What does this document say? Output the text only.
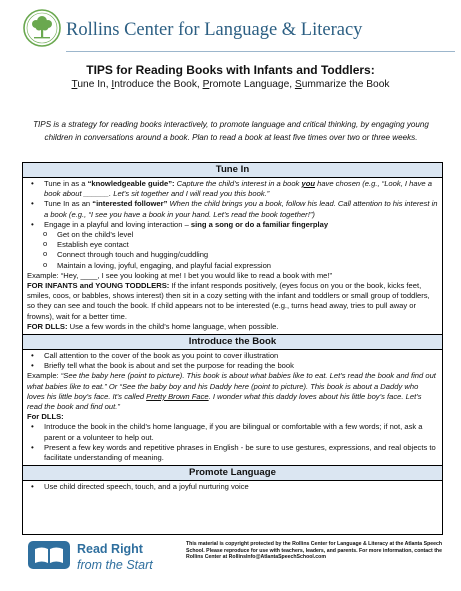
Rollins Center for Language & Literacy
TIPS for Reading Books with Infants and Toddlers:
Tune In, Introduce the Book, Promote Language, Summarize the Book
TIPS is a strategy for reading books interactively, to promote language and critical thinking, by engaging young children in conversations around a book. Plan to read a book at least five times over two or three weeks.
Tune In
• Tune in as a “knowledgeable guide”: Capture the child’s interest in a book you have chosen (e.g., “Look, I have a book about ______. Let’s sit together and I will read you this book.”
• Tune In as an “interested follower” When the child brings you a book, follow his lead. Call attention to his interest in a book (e.g., “I see you have a book in your hand. Let’s read the book together!”)
• Engage in a playful and loving interaction – sing a song or do a familiar fingerplay
o Get on the child’s level
o Establish eye contact
o Connect through touch and hugging/cuddling
o Maintain a loving, joyful, engaging, and playful facial expression
Example: “Hey, ____, I see you looking at me! I bet you would like to read a book with me!”
FOR INFANTS and YOUNG TODDLERS: If the infant responds positively, (eyes focus on you or the book, kicks feet, smiles, coos, or babbles, shows interest) then sit in a cozy setting with the infant and toddlers or small group of toddlers, so they can see and touch the book. If child appears not to be interested (e.g., turns head away, tries to pull away or frowns), wait for a better time.
FOR DLLS: Use a few words in the child’s home language, when possible.
Introduce the Book
• Call attention to the cover of the book as you point to cover illustration
• Briefly tell what the book is about and set the purpose for reading the book
Example: “See the baby here (point to picture). This book is about what babies like to eat. Let’s read the book and find out what babies like to eat.” Or “See the baby boy and his Daddy here (point to picture). This book is about a Daddy who loves his little boy’s face. It’s called Pretty Brown Face. I wonder what this daddy loves about his little boy’s face. Let’s read the book and find out.”
For DLLS:
• Introduce the book in the child’s home language, if you are bilingual or comfortable with a few words; if not, ask a parent or a volunteer to help out.
• Present a few key words and repetitive phrases in English - be sure to use gestures, expressions, and real objects to facilitate understanding of meaning.
Promote Language
• Use child directed speech, touch, and a joyful nurturing voice
Read Right
from the Start
This material is copyright protected by the Rollins Center for Language & Literacy at the Atlanta Speech School. Please reproduce for use with teachers, leaders, and parents. For more information, contact the Rollins Center at RollinsInfo@AtlantaSpeechSchool.com
